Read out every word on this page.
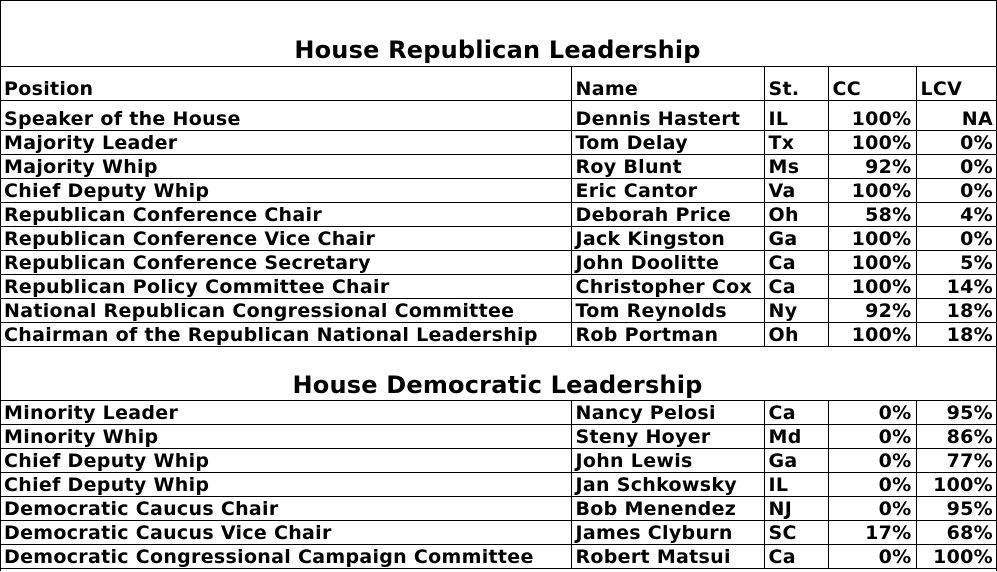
House Republican Leadership
Position	Name	St.	CC	LCV
Speaker of the House	Dennis Hastert	IL	100%	NA
Majority Leader	Tom Delay	Tx	100%	0%
Majority Whip	Roy Blunt	Ms	92%	0%
Chief Deputy Whip	Eric Cantor	Va	100%	0%
Republican Conference Chair	Deborah Price	Oh	58%	4%
Republican Conference Vice Chair	Jack Kingston	Ga	100%	0%
Republican Conference Secretary	John Doolitte	Ca	100%	5%
Republican Policy Committee Chair	Christopher Cox	Ca	100%	14%
National Republican Congressional Committee	Tom Reynolds	Ny	92%	18%
Chairman of the Republican National Leadership	Rob Portman	Oh	100%	18%
House Democratic Leadership
Minority Leader	Nancy Pelosi	Ca	0%	95%
Minority Whip	Steny Hoyer	Md	0%	86%
Chief Deputy Whip	John Lewis	Ga	0%	77%
Chief Deputy Whip	Jan Schkowsky	IL	0%	100%
Democratic Caucus Chair	Bob Menendez	NJ	0%	95%
Democratic Caucus Vice Chair	James Clyburn	SC	17%	68%
Democratic Congressional Campaign Committee	Robert Matsui	Ca	0%	100%
